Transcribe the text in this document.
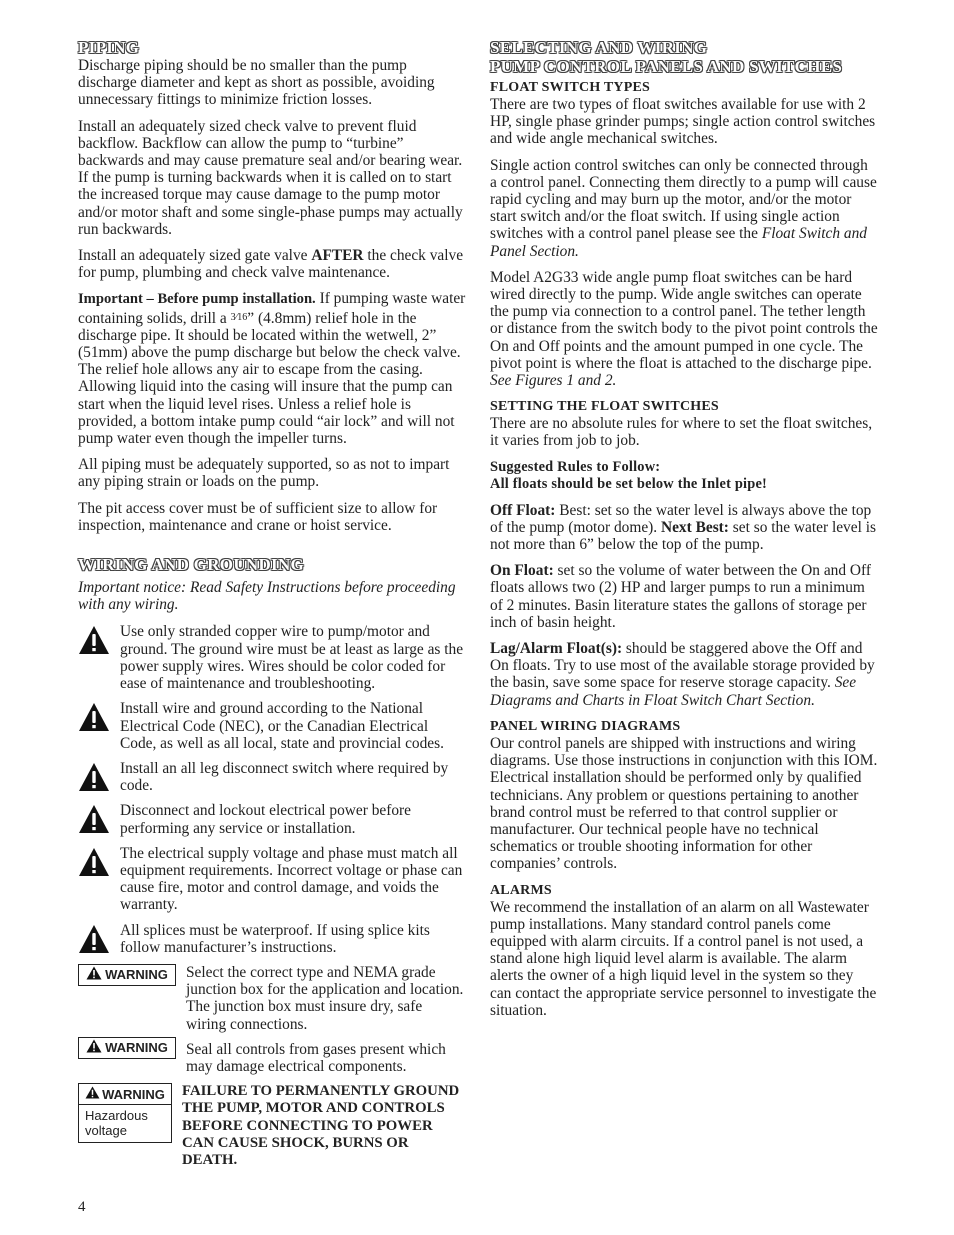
PIPING

Discharge piping should be no smaller than the pump discharge diameter and kept as short as possible, avoiding unnecessary fittings to minimize friction losses.

Install an adequately sized check valve to prevent fluid backflow. Backflow can allow the pump to “turbine” backwards and may cause premature seal and/or bearing wear. If the pump is turning backwards when it is called on to start the increased torque may cause damage to the pump motor and/or motor shaft and some single-phase pumps may actually run backwards.

Install an adequately sized gate valve AFTER the check valve for pump, plumbing and check valve maintenance.

Important – Before pump installation. If pumping waste water containing solids, drill a 3⁄16” (4.8mm) relief hole in the discharge pipe. It should be located within the wetwell, 2” (51mm) above the pump discharge but below the check valve. The relief hole allows any air to escape from the casing. Allowing liquid into the casing will insure that the pump can start when the liquid level rises. Unless a relief hole is provided, a bottom intake pump could “air lock” and will not pump water even though the impeller turns.

All piping must be adequately supported, so as not to impart any piping strain or loads on the pump.

The pit access cover must be of sufficient size to allow for inspection, maintenance and crane or hoist service.

WIRING AND GROUNDING

Important notice: Read Safety Instructions before proceeding with any wiring.

Use only stranded copper wire to pump/motor and ground. The ground wire must be at least as large as the power supply wires. Wires should be color coded for ease of maintenance and troubleshooting.

Install wire and ground according to the National Electrical Code (NEC), or the Canadian Electrical Code, as well as all local, state and provincial codes.

Install an all leg disconnect switch where required by code.

Disconnect and lockout electrical power before performing any service or installation.

The electrical supply voltage and phase must match all equipment requirements. Incorrect voltage or phase can cause fire, motor and control damage, and voids the warranty.

All splices must be waterproof. If using splice kits follow manufacturer’s instructions.

WARNING Select the correct type and NEMA grade junction box for the application and location. The junction box must insure dry, safe wiring connections.

WARNING Seal all controls from gases present which may damage electrical components.

WARNING
Hazardous voltage

FAILURE TO PERMANENTLY GROUND THE PUMP, MOTOR AND CONTROLS BEFORE CONNECTING TO POWER CAN CAUSE SHOCK, BURNS OR DEATH.

SELECTING AND WIRING
PUMP CONTROL PANELS AND SWITCHES

FLOAT SWITCH TYPES

There are two types of float switches available for use with 2 HP, single phase grinder pumps; single action control switches and wide angle mechanical switches.

Single action control switches can only be connected through a control panel. Connecting them directly to a pump will cause rapid cycling and may burn up the motor, and/or the motor start switch and/or the float switch. If using single action switches with a control panel please see the Float Switch and Panel Section.

Model A2G33 wide angle pump float switches can be hard wired directly to the pump. Wide angle switches can operate the pump via connection to a control panel. The tether length or distance from the switch body to the pivot point controls the On and Off points and the amount pumped in one cycle. The pivot point is where the float is attached to the discharge pipe. See Figures 1 and 2.

SETTING THE FLOAT SWITCHES

There are no absolute rules for where to set the float switches, it varies from job to job.

Suggested Rules to Follow:

All floats should be set below the Inlet pipe!

Off Float: Best: set so the water level is always above the top of the pump (motor dome). Next Best: set so the water level is not more than 6” below the top of the pump.

On Float: set so the volume of water between the On and Off floats allows two (2) HP and larger pumps to run a minimum of 2 minutes. Basin literature states the gallons of storage per inch of basin height.

Lag/Alarm Float(s): should be staggered above the Off and On floats. Try to use most of the available storage provided by the basin, save some space for reserve storage capacity. See Diagrams and Charts in Float Switch Chart Section.

PANEL WIRING DIAGRAMS

Our control panels are shipped with instructions and wiring diagrams. Use those instructions in conjunction with this IOM. Electrical installation should be performed only by qualified technicians. Any problem or questions pertaining to another brand control must be referred to that control supplier or manufacturer. Our technical people have no technical schematics or trouble shooting information for other companies’ controls.

ALARMS

We recommend the installation of an alarm on all Wastewater pump installations. Many standard control panels come equipped with alarm circuits. If a control panel is not used, a stand alone high liquid level alarm is available. The alarm alerts the owner of a high liquid level in the system so they can contact the appropriate service personnel to investigate the situation.

4
